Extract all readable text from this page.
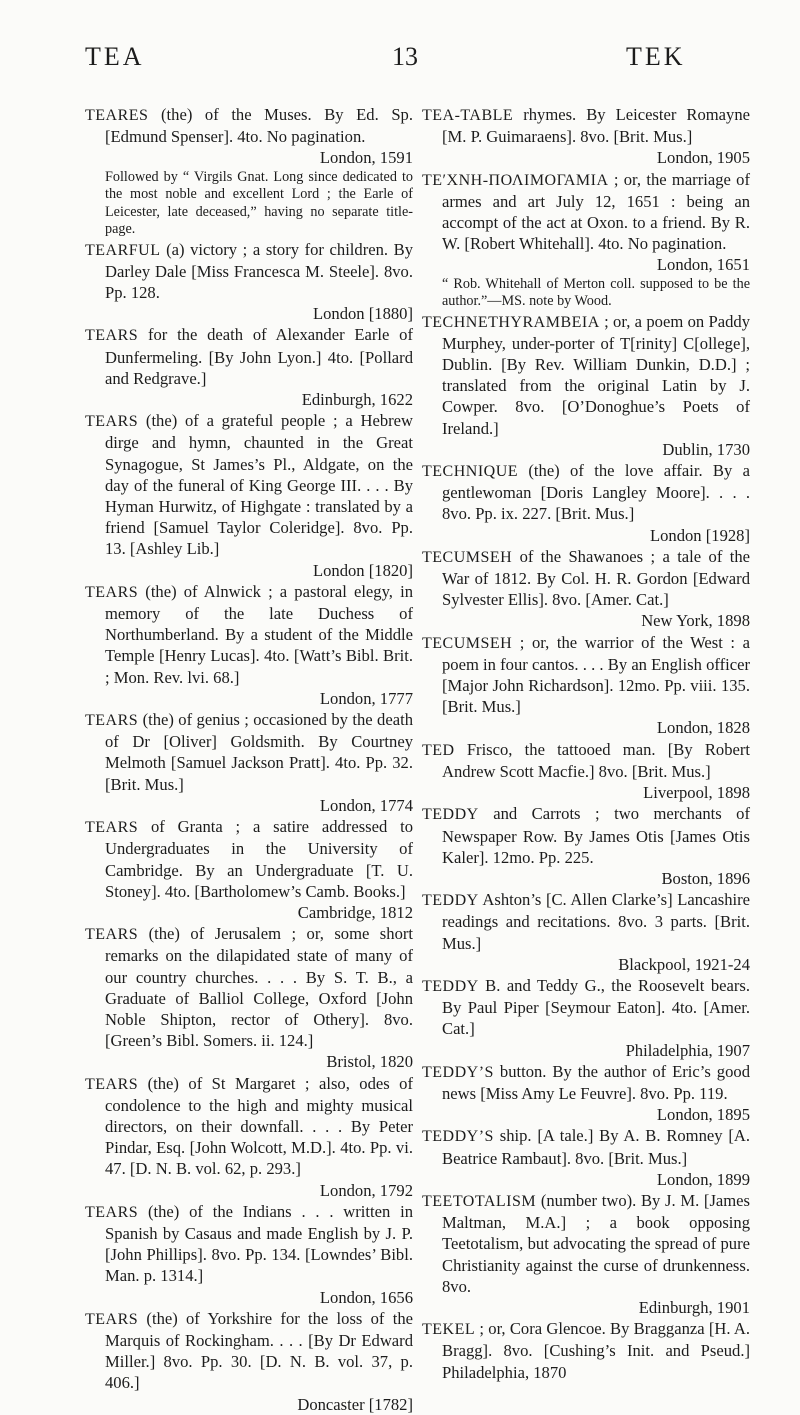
TEA	13	TEK
TEARES (the) of the Muses. By Ed. Sp. [Edmund Spenser]. 4to. No pagination.
London, 1591
Followed by “ Virgils Gnat. Long since dedicated to the most noble and excellent Lord ; the Earle of Leicester, late deceased,” having no separate title-page.
TEARFUL (a) victory ; a story for children. By Darley Dale [Miss Francesca M. Steele]. 8vo. Pp. 128.
London [1880]
TEARS for the death of Alexander Earle of Dunfermeling. [By John Lyon.] 4to. [Pollard and Redgrave.]
Edinburgh, 1622
TEARS (the) of a grateful people ; a Hebrew dirge and hymn, chaunted in the Great Synagogue, St James’s Pl., Aldgate, on the day of the funeral of King George III. . . . By Hyman Hurwitz, of Highgate : translated by a friend [Samuel Taylor Coleridge]. 8vo. Pp. 13. [Ashley Lib.]
London [1820]
TEARS (the) of Alnwick ; a pastoral elegy, in memory of the late Duchess of Northumberland. By a student of the Middle Temple [Henry Lucas]. 4to. [Watt’s Bibl. Brit. ; Mon. Rev. lvi. 68.]
London, 1777
TEARS (the) of genius ; occasioned by the death of Dr [Oliver] Goldsmith. By Courtney Melmoth [Samuel Jackson Pratt]. 4to. Pp. 32. [Brit. Mus.]
London, 1774
TEARS of Granta ; a satire addressed to Undergraduates in the University of Cambridge. By an Undergraduate [T. U. Stoney]. 4to. [Bartholomew’s Camb. Books.]
Cambridge, 1812
TEARS (the) of Jerusalem ; or, some short remarks on the dilapidated state of many of our country churches. . . . By S. T. B., a Graduate of Balliol College, Oxford [John Noble Shipton, rector of Othery]. 8vo. [Green’s Bibl. Somers. ii. 124.]
Bristol, 1820
TEARS (the) of St Margaret ; also, odes of condolence to the high and mighty musical directors, on their downfall. . . . By Peter Pindar, Esq. [John Wolcott, M.D.]. 4to. Pp. vi. 47. [D. N. B. vol. 62, p. 293.]
London, 1792
TEARS (the) of the Indians . . . written in Spanish by Casaus and made English by J. P. [John Phillips]. 8vo. Pp. 134. [Lowndes’ Bibl. Man. p. 1314.]
London, 1656
TEARS (the) of Yorkshire for the loss of the Marquis of Rockingham. . . . [By Dr Edward Miller.] 8vo. Pp. 30. [D. N. B. vol. 37, p. 406.]
Doncaster [1782]
TEA-TABLE rhymes. By Leicester Romayne [M. P. Guimaraens]. 8vo. [Brit. Mus.]
London, 1905
TE′XNH-ΠΟΛΙΜΟΓΑΜΙΑ ; or, the marriage of armes and art July 12, 1651 : being an accompt of the act at Oxon. to a friend. By R. W. [Robert Whitehall]. 4to. No pagination.
London, 1651
“ Rob. Whitehall of Merton coll. supposed to be the author.”—MS. note by Wood.
TECHNETHYRAMBEIA ; or, a poem on Paddy Murphey, under-porter of T[rinity] C[ollege], Dublin. [By Rev. William Dunkin, D.D.] ; translated from the original Latin by J. Cowper. 8vo. [O’Donoghue’s Poets of Ireland.]
Dublin, 1730
TECHNIQUE (the) of the love affair. By a gentlewoman [Doris Langley Moore]. . . . 8vo. Pp. ix. 227. [Brit. Mus.]
London [1928]
TECUMSEH of the Shawanoes ; a tale of the War of 1812. By Col. H. R. Gordon [Edward Sylvester Ellis]. 8vo. [Amer. Cat.]
New York, 1898
TECUMSEH ; or, the warrior of the West : a poem in four cantos. . . . By an English officer [Major John Richardson]. 12mo. Pp. viii. 135. [Brit. Mus.]
London, 1828
TED Frisco, the tattooed man. [By Robert Andrew Scott Macfie.] 8vo. [Brit. Mus.]
Liverpool, 1898
TEDDY and Carrots ; two merchants of Newspaper Row. By James Otis [James Otis Kaler]. 12mo. Pp. 225.
Boston, 1896
TEDDY Ashton’s [C. Allen Clarke’s] Lancashire readings and recitations. 8vo. 3 parts. [Brit. Mus.]
Blackpool, 1921-24
TEDDY B. and Teddy G., the Roosevelt bears. By Paul Piper [Seymour Eaton]. 4to. [Amer. Cat.]
Philadelphia, 1907
TEDDY’S button. By the author of Eric’s good news [Miss Amy Le Feuvre]. 8vo. Pp. 119.
London, 1895
TEDDY’S ship. [A tale.] By A. B. Romney [A. Beatrice Rambaut]. 8vo. [Brit. Mus.]
London, 1899
TEETOTALISM (number two). By J. M. [James Maltman, M.A.] ; a book opposing Teetotalism, but advocating the spread of pure Christianity against the curse of drunkenness. 8vo.
Edinburgh, 1901
TEKEL ; or, Cora Glencoe. By Bragganza [H. A. Bragg]. 8vo. [Cushing’s Init. and Pseud.] Philadelphia, 1870
